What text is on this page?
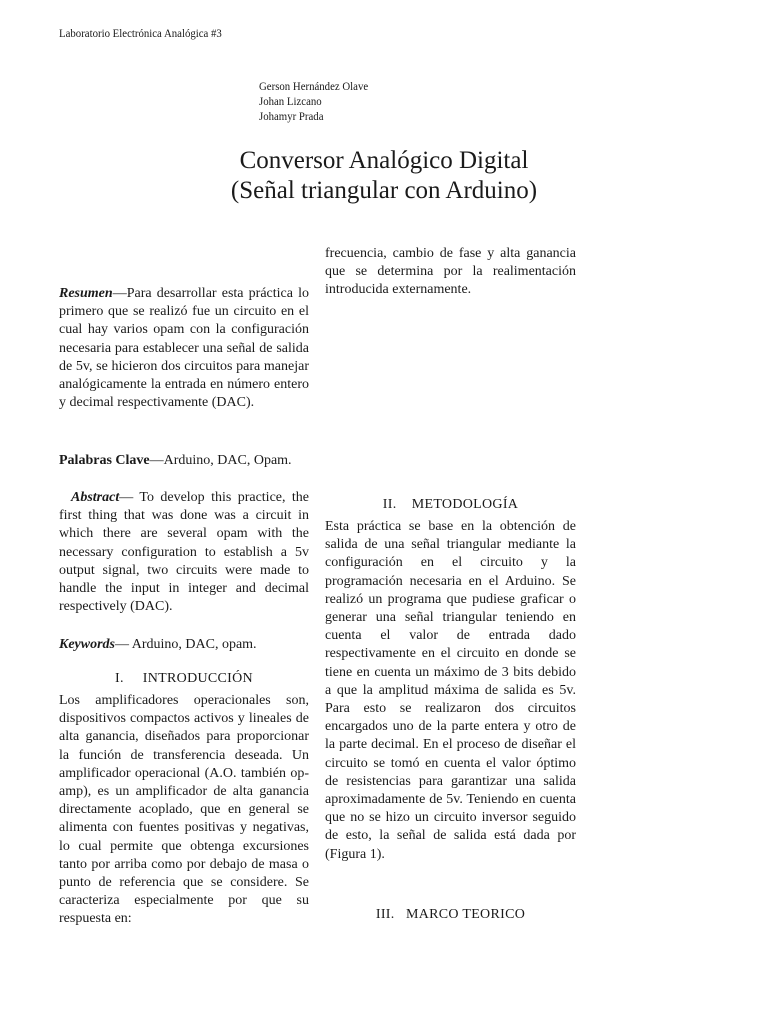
Laboratorio Electrónica Analógica #3
Gerson Hernández Olave
Johan Lizcano
Johamyr Prada
Conversor Analógico Digital
(Señal triangular con Arduino)

Resumen—Para desarrollar esta práctica lo primero que se realizó fue un circuito en el cual hay varios opam con la configuración necesaria para establecer una señal de salida de 5v, se hicieron dos circuitos para manejar analógicamente la entrada en número entero y decimal respectivamente (DAC).

Palabras Clave—Arduino, DAC, Opam.

Abstract— To develop this practice, the first thing that was done was a circuit in which there are several opam with the necessary configuration to establish a 5v output signal, two circuits were made to handle the input in integer and decimal respectively (DAC).

Keywords— Arduino, DAC, opam.

I.     INTRODUCCIÓN

Los amplificadores operacionales son, dispositivos compactos activos y lineales de alta ganancia, diseñados para proporcionar la función de transferencia deseada. Un amplificador operacional (A.O. también op-amp), es un amplificador de alta ganancia directamente acoplado, que en general se alimenta con fuentes positivas y negativas, lo cual permite que obtenga excursiones tanto por arriba como por debajo de masa o punto de referencia que se considere. Se caracteriza especialmente por que su respuesta en:

frecuencia, cambio de fase y alta ganancia que se determina por la realimentación introducida externamente.

II.    METODOLOGÍA

Esta práctica se base en la obtención de salida de una señal triangular mediante la configuración en el circuito y la programación necesaria en el Arduino. Se realizó un programa que pudiese graficar o generar una señal triangular teniendo en cuenta el valor de entrada dado respectivamente en el circuito en donde se tiene en cuenta un máximo de 3 bits debido a que la amplitud máxima de salida es 5v. Para esto se realizaron dos circuitos encargados uno de la parte entera y otro de la parte decimal. En el proceso de diseñar el circuito se tomó en cuenta el valor óptimo de resistencias para garantizar una salida aproximadamente de 5v. Teniendo en cuenta que no se hizo un circuito inversor seguido de esto, la señal de salida está dada por (Figura 1).

III.   MARCO TEORICO
